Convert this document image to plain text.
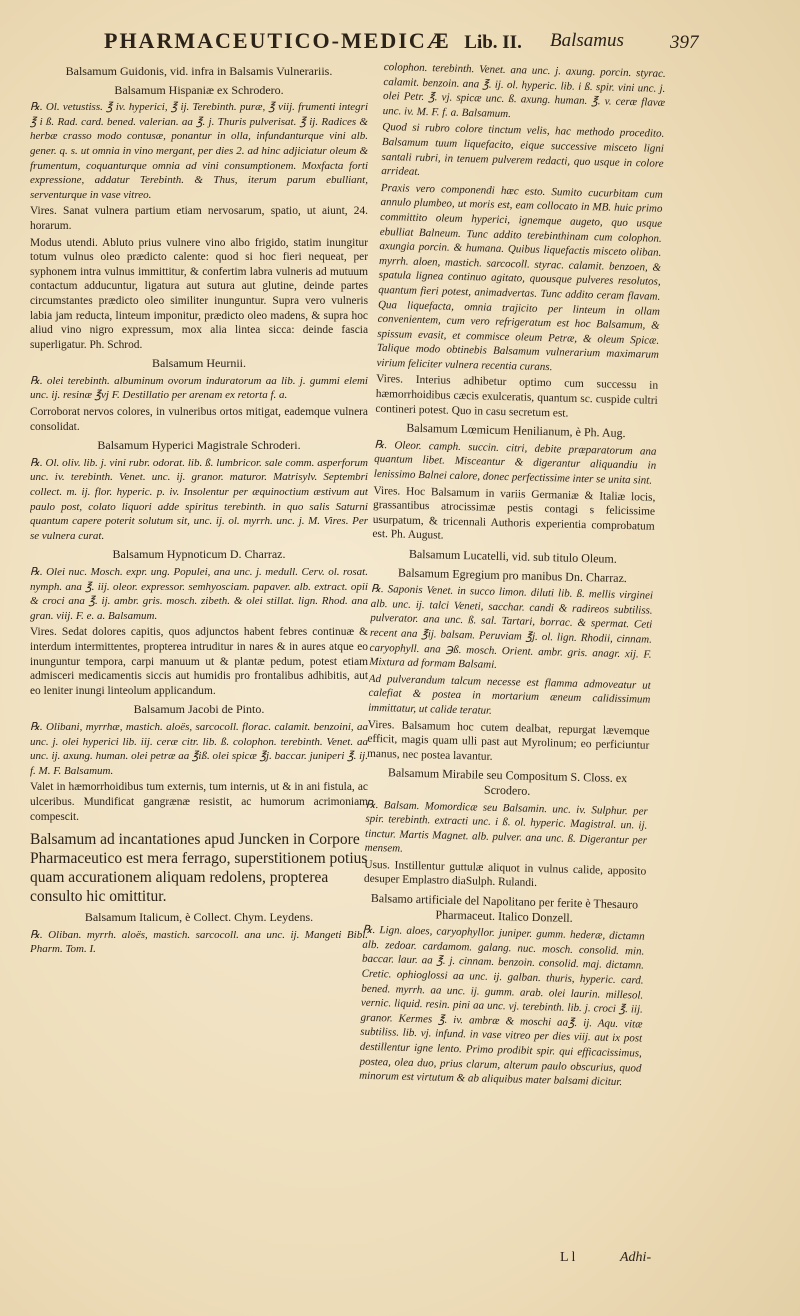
PHARMACEUTICO-MEDICÆ Lib. II. Balsamus 397

Balsamum Guidonis, vid. infra in Balsamis Vulnerariis.

Balsamum Hispaniæ ex Schrodero.

℞. Ol. vetustiss. ℥ iv. hyperici, ℥ ij. Terebinth. puræ, ℥ viij. frumenti integri ℥ i ß. Rad. card. bened. valerian. aa ℥. j. Thuris pulverisat. ℥ ij. Radices & herbæ crasso modo contusæ, ponantur in olla, infundanturque vini alb. gener. q. s. ut omnia in vino mergant, per dies 2. ad hinc adjiciatur oleum & frumentum, coquanturque omnia ad vini consumptionem. Moxfacta forti expressione, addatur Terebinth. & Thus, iterum parum ebulliant, serventurque in vase vitreo.

Vires. Sanat vulnera partium etiam nervosarum, spatio, ut aiunt, 24. horarum.

Modus utendi. Abluto prius vulnere vino albo frigido, statim inungitur totum vulnus oleo prædicto calente: quod si hoc fieri nequeat, per syphonem intra vulnus immittitur, & confertim labra vulneris ad mutuum contactum adducuntur, ligatura aut sutura aut glutine, deinde partes circumstantes prædicto oleo similiter inunguntur. Supra vero vulneris labia jam reducta, linteum imponitur, prædicto oleo madens, & supra hoc aliud vino nigro expressum, mox alia lintea sicca: deinde fascia superligatur. Ph. Schrod.

Balsamum Heurnii.

℞. olei terebinth. albuminum ovorum induratorum aa lib. j. gummi elemi unc. ij. resinæ ℥vj F. Destillatio per arenam ex retorta f. a.

Corroborat nervos colores, in vulneribus ortos mitigat, eademque vulnera consolidat.

Balsamum Hyperici Magistrale Schroderi.

℞. Ol. oliv. lib. j. vini rubr. odorat. lib. ß. lumbricor. sale comm. asperforum unc. iv. terebinth. Venet. unc. ij. granor. maturor. Matrisylv. Septembri collect. m. ij. flor. hyperic. p. iv. Insolentur per æquinoctium æstivum aut paulo post, colato liquori adde spiritus terebinth. in quo salis Saturni quantum capere poterit solutum sit, unc. ij. ol. myrrh. unc. j. M. Vires. Per se vulnera curat.

Balsamum Hypnoticum D. Charraz.

℞. Olei nuc. Mosch. expr. ung. Populei, ana unc. j. medull. Cerv. ol. rosat. nymph. ana ℥. iij. oleor. expressor. semhyosciam. papaver. alb. extract. opii & croci ana ℥. ij. ambr. gris. mosch. zibeth. & olei stillat. lign. Rhod. ana gran. viij. F. e. a. Balsamum.

Vires. Sedat dolores capitis, quos adjunctos habent febres continuæ & interdum intermittentes, propterea intruditur in nares & in aures atque eo inunguntur tempora, carpi manuum ut & plantæ pedum, potest etiam admisceri medicamentis siccis aut humidis pro frontalibus adhibitis, aut eo leniter inungi linteolum applicandum.

Balsamum Jacobi de Pinto.

℞. Olibani, myrrhæ, mastich. aloës, sarcocoll. florac. calamit. benzoini, aa unc. j. olei hyperici lib. iij. ceræ citr. lib. ß. colophon. terebinth. Venet. aa unc. ij. axung. human. olei petræ aa ℥iß. olei spicæ ℥j. baccar. juniperi ℥. ij. f. M. F. Balsamum.

Valet in hæmorrhoidibus tum externis, tum internis, ut & in ani fistula, ac ulceribus. Mundificat gangrænæ resistit, ac humorum acrimoniam compescit.

Balsamum ad incantationes apud Juncken in Corpore Pharmaceutico est mera ferrago, superstitionem potius quam accurationem aliquam redolens, propterea consulto hic omittitur.

Balsamum Italicum, è Collect. Chym. Leydens.

℞. Oliban. myrrh. aloës, mastich. sarcocoll. ana unc. ij. Mangeti Bibl. Pharm. Tom. I.

colophon. terebinth. Venet. ana unc. j. axung. porcin. styrac. calamit. benzoin. ana ℥. ij. ol. hyperic. lib. i ß. spir. vini unc. j. olei Petr. ℥. vj. spicæ unc. ß. axung. human. ℥. v. ceræ flavæ unc. iv. M. F. f. a. Balsamum.

Quod si rubro colore tinctum velis, hac methodo procedito. Balsamum tuum liquefacito, eique successive misceto ligni santali rubri, in tenuem pulverem redacti, quo usque in colore arrideat.

Praxis vero componendi hæc esto. Sumito cucurbitam cum annulo plumbeo, ut moris est, eam collocato in MB. huic primo committito oleum hyperici, ignemque augeto, quo usque ebulliat Balneum. Tunc addito terebinthinam cum colophon. axungia porcin. & humana. Quibus liquefactis misceto oliban. myrrh. aloen, mastich. sarcocoll. styrac. calamit. benzoen, & spatula lignea continuo agitato, quousque pulveres resolutos, quantum fieri potest, animadvertas. Tunc addito ceram flavam. Qua liquefacta, omnia trajicito per linteum in ollam convenientem, cum vero refrigeratum est hoc Balsamum, & spissum evasit, et commisce oleum Petræ, & oleum Spicæ. Talique modo obtinebis Balsamum vulnerarium maximarum virium feliciter vulnera recentia curans.

Vires. Interius adhibetur optimo cum successu in hæmorrhoidibus cæcis exulceratis, quantum sc. cuspide cultri contineri potest. Quo in casu secretum est.

Balsamum Lœmicum Henilianum, è Ph. Aug.

℞. Oleor. camph. succin. citri, debite præparatorum ana quantum libet. Misceantur & digerantur aliquandiu in lenissimo Balnei calore, donec perfectissime inter se unita sint.

Vires. Hoc Balsamum in variis Germaniæ & Italiæ locis, grassantibus atrocissimæ pestis contagi s felicissime usurpatum, & tricennali Authoris experientia comprobatum est. Ph. August.

Balsamum Lucatelli, vid. sub titulo Oleum.

Balsamum Egregium pro manibus Dn. Charraz.

℞. Saponis Venet. in succo limon. diluti lib. ß. mellis virginei alb. unc. ij. talci Veneti, sacchar. candi & radireos subtiliss. pulverator. ana unc. ß. sal. Tartari, borrac. & spermat. Ceti recent ana ℥ij. balsam. Peruviam ℥j. ol. lign. Rhodii, cinnam. caryophyll. ana ℈ß. mosch. Orient. ambr. gris. anagr. xij. F. Mixtura ad formam Balsami.

Ad pulverandum talcum necesse est flamma admoveatur ut calefiat & postea in mortarium æneum calidissimum immittatur, ut calide teratur.

Vires. Balsamum hoc cutem dealbat, repurgat lævemque efficit, magis quam ulli past aut Myrolinum; eo perficiuntur manus, nec postea lavantur.

Balsamum Mirabile seu Compositum S. Closs. ex Scrodero.

℞. Balsam. Momordicæ seu Balsamin. unc. iv. Sulphur. per spir. terebinth. extracti unc. i ß. ol. hyperic. Magistral. un. ij. tinctur. Martis Magnet. alb. pulver. ana unc. ß. Digerantur per mensem.

Usus. Instillentur guttulæ aliquot in vulnus calide, apposito desuper Emplastro diaSulph. Rulandi.

Balsamo artificiale del Napolitano per ferite è Thesauro Pharmaceut. Italico Donzell.

℞. Lign. aloes, caryophyllor. juniper. gumm. hederæ, dictamn alb. zedoar. cardamom. galang. nuc. mosch. consolid. min. baccar. laur. aa ℥. j. cinnam. benzoin. consolid. maj. dictamn. Cretic. ophioglossi aa unc. ij. galban. thuris, hyperic. card. bened. myrrh. aa unc. ij. gumm. arab. olei laurin. millesol. vernic. liquid. resin. pini aa unc. vj. terebinth. lib. j. croci ℥. iij. granor. Kermes ℥. iv. ambræ & moschi aa℥. ij. Aqu. vitæ subtiliss. lib. vj. infund. in vase vitreo per dies viij. aut ix post destillentur igne lento. Primo prodibit spir. qui efficacissimus, postea, olea duo, prius clarum, alterum paulo obscurius, quod minorum est virtutum & ab aliquibus mater balsami dicitur.

L l	Adhi-
